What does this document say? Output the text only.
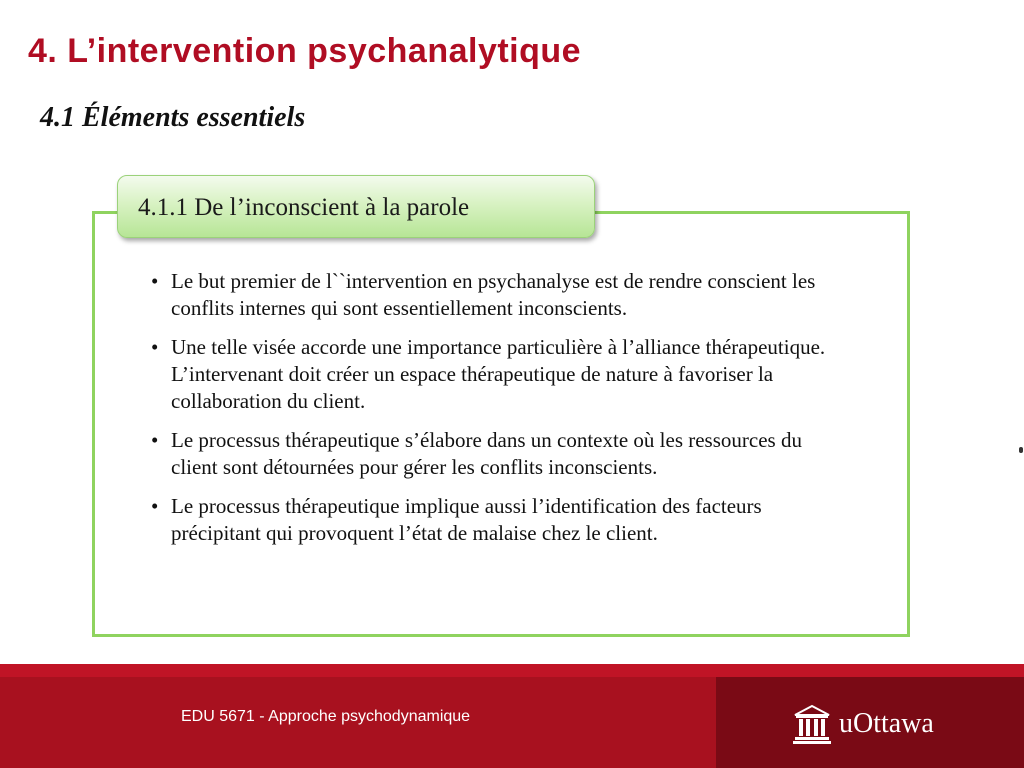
4. L’intervention psychanalytique
4.1 Éléments essentiels
4.1.1 De l’inconscient à la parole
• Le but premier de l``intervention en psychanalyse est de rendre conscient les conflits internes qui sont essentiellement inconscients.
• Une telle visée accorde une importance particulière à l’alliance thérapeutique. L’intervenant doit créer un espace thérapeutique de nature à favoriser la collaboration du client.
• Le processus thérapeutique s’élabore dans un contexte où les ressources du client sont détournées pour gérer les conflits inconscients.
• Le processus thérapeutique implique aussi l’identification des facteurs précipitant qui provoquent l’état de malaise chez le client.
EDU 5671 - Approche psychodynamique	uOttawa
